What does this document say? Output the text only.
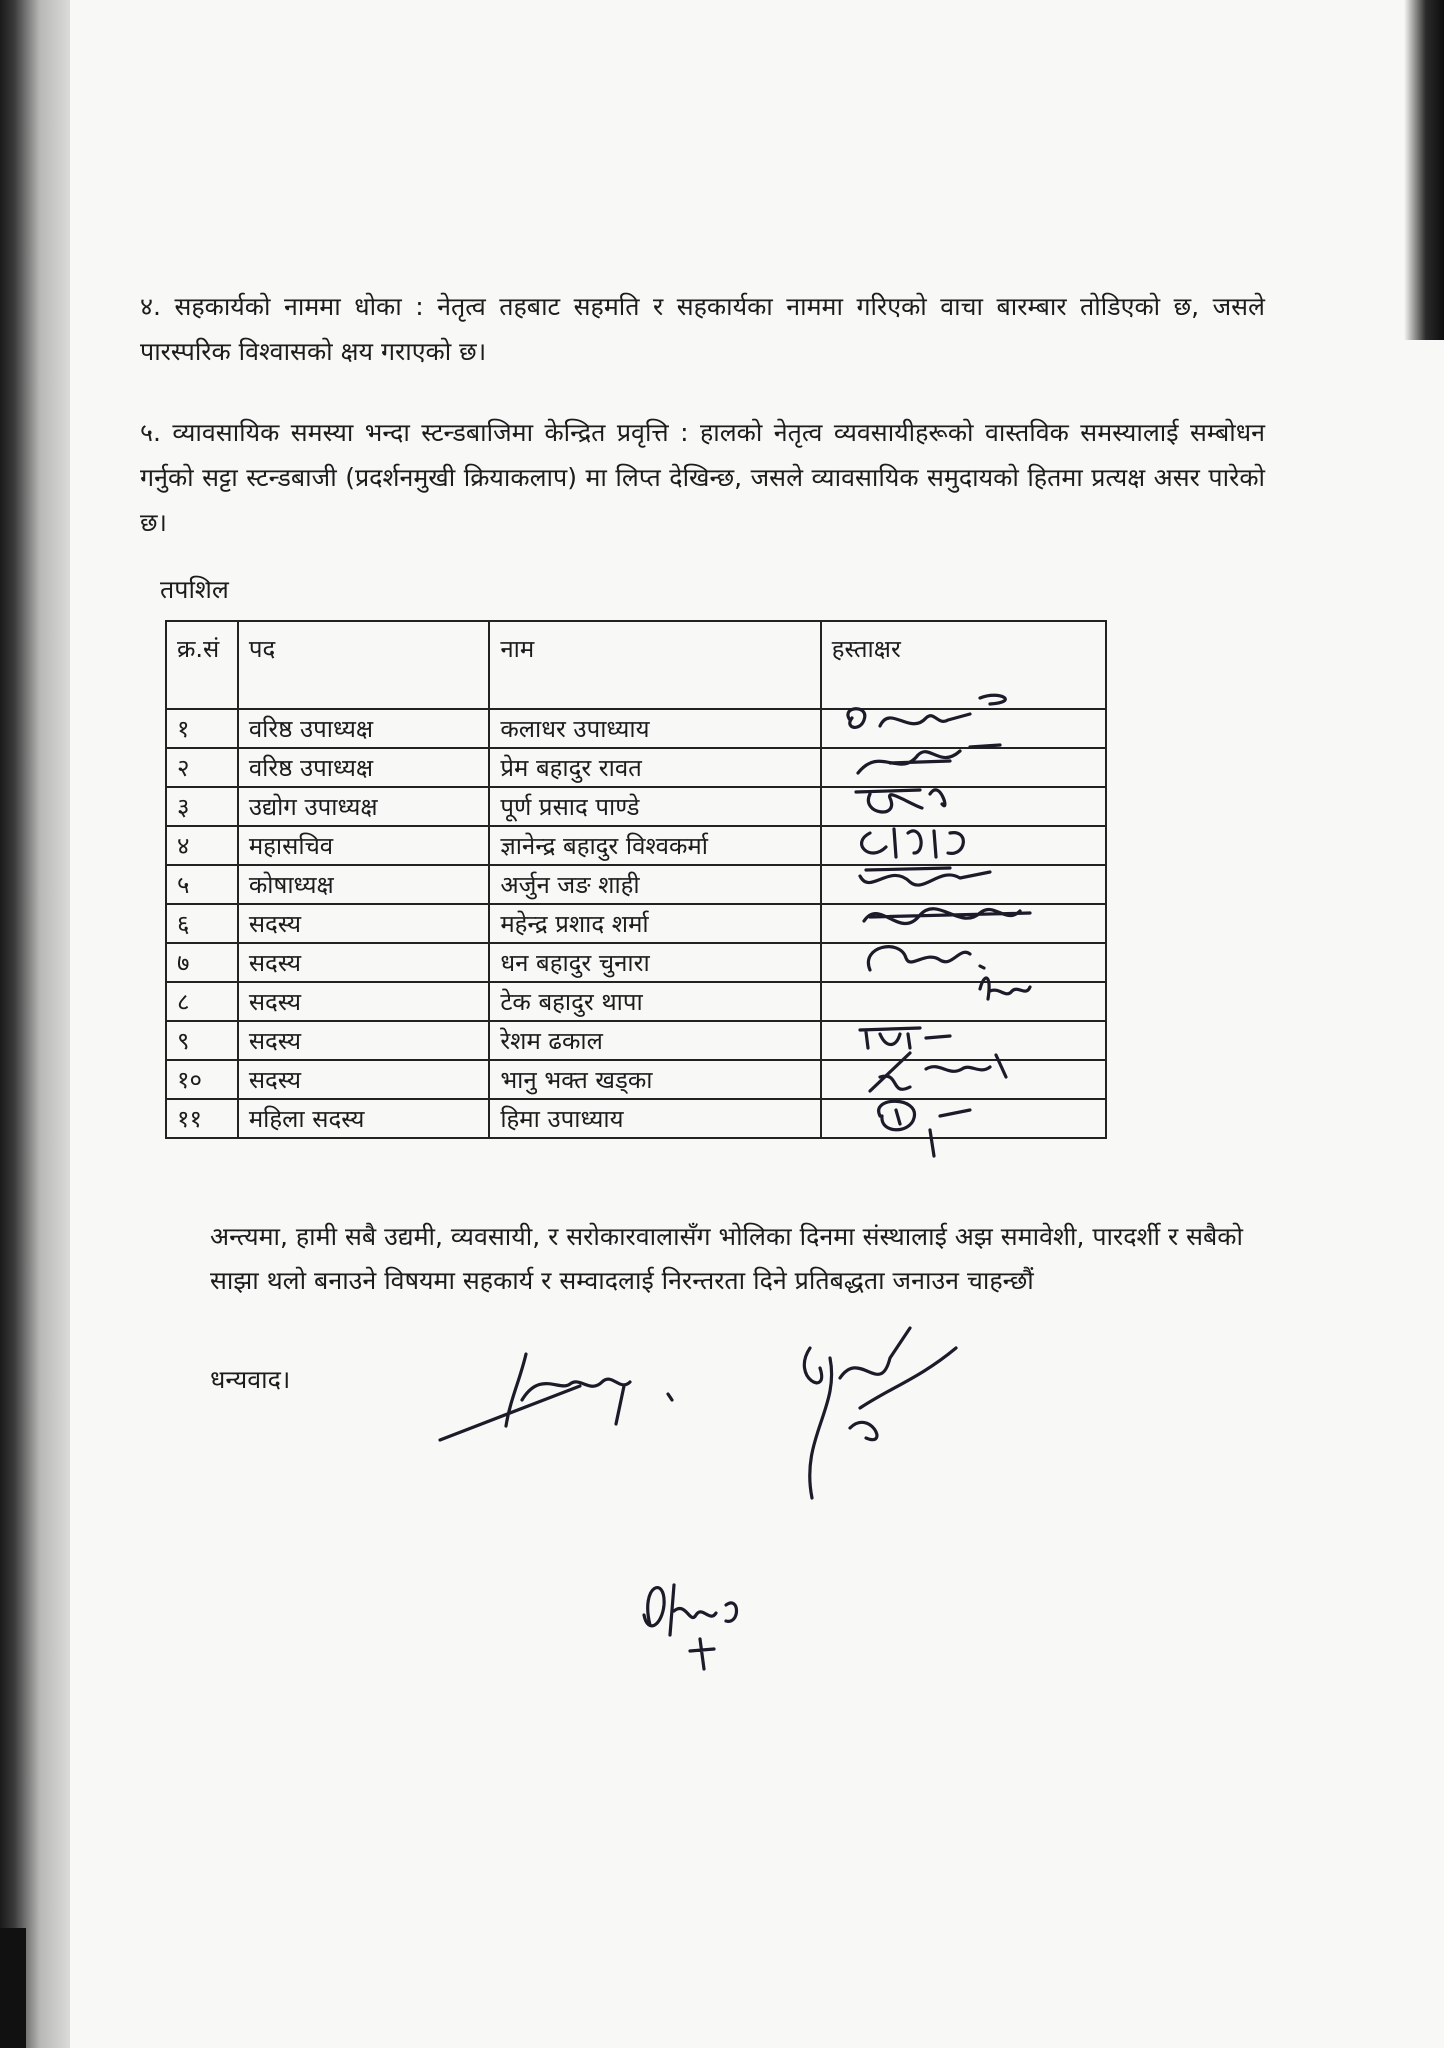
४. सहकार्यको नाममा धोका : नेतृत्व तहबाट सहमति र सहकार्यका नाममा गरिएको वाचा बारम्बार तोडिएको छ, जसले पारस्परिक विश्वासको क्षय गराएको छ।

५. व्यावसायिक समस्या भन्दा स्टन्डबाजिमा केन्द्रित प्रवृत्ति : हालको नेतृत्व व्यवसायीहरूको वास्तविक समस्यालाई सम्बोधन गर्नुको सट्टा स्टन्डबाजी (प्रदर्शनमुखी क्रियाकलाप) मा लिप्त देखिन्छ, जसले व्यावसायिक समुदायको हितमा प्रत्यक्ष असर पारेको छ।

तपशिल

क्र.सं	पद	नाम	हस्ताक्षर
१	वरिष्ठ उपाध्यक्ष	कलाधर उपाध्याय	

२	वरिष्ठ उपाध्यक्ष	प्रेम बहादुर रावत	

३	उद्योग उपाध्यक्ष	पूर्ण प्रसाद पाण्डे	

४	महासचिव	ज्ञानेन्द्र बहादुर विश्वकर्मा	

५	कोषाध्यक्ष	अर्जुन जङ शाही	

६	सदस्य	महेन्द्र प्रशाद शर्मा	

७	सदस्य	धन बहादुर चुनारा	

८	सदस्य	टेक बहादुर थापा	

९	सदस्य	रेशम ढकाल	

१०	सदस्य	भानु भक्त खड्का	

११	महिला सदस्य	हिमा उपाध्याय	

अन्त्यमा, हामी सबै उद्यमी, व्यवसायी, र सरोकारवालासँग भोलिका दिनमा संस्थालाई अझ समावेशी, पारदर्शी र सबैको साझा थलो बनाउने विषयमा सहकार्य र सम्वादलाई निरन्तरता दिने प्रतिबद्धता जनाउन चाहन्छौं

धन्यवाद।
